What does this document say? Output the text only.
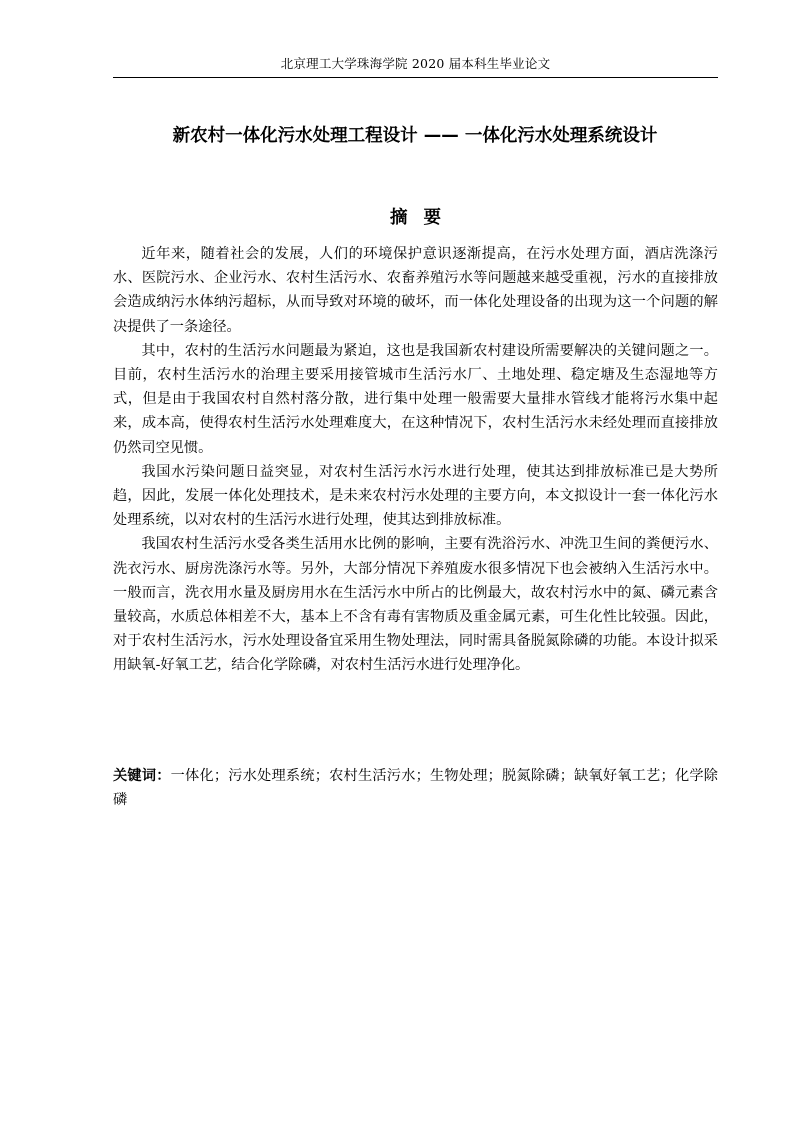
北京理工大学珠海学院 2020 届本科生毕业论文
新农村一体化污水处理工程设计 —— 一体化污水处理系统设计
摘要

近年来，随着社会的发展，人们的环境保护意识逐渐提高，在污水处理方面，酒店洗涤污水、医院污水、企业污水、农村生活污水、农畜养殖污水等问题越来越受重视，污水的直接排放会造成纳污水体纳污超标，从而导致对环境的破坏，而一体化处理设备的出现为这一个问题的解决提供了一条途径。

其中，农村的生活污水问题最为紧迫，这也是我国新农村建设所需要解决的关键问题之一。目前，农村生活污水的治理主要采用接管城市生活污水厂、土地处理、稳定塘及生态湿地等方式，但是由于我国农村自然村落分散，进行集中处理一般需要大量排水管线才能将污水集中起来，成本高，使得农村生活污水处理难度大，在这种情况下，农村生活污水未经处理而直接排放仍然司空见惯。

我国水污染问题日益突显，对农村生活污水污水进行处理，使其达到排放标准已是大势所趋，因此，发展一体化处理技术，是未来农村污水处理的主要方向，本文拟设计一套一体化污水处理系统，以对农村的生活污水进行处理，使其达到排放标准。

我国农村生活污水受各类生活用水比例的影响，主要有洗浴污水、冲洗卫生间的粪便污水、洗衣污水、厨房洗涤污水等。另外，大部分情况下养殖废水很多情况下也会被纳入生活污水中。一般而言，洗衣用水量及厨房用水在生活污水中所占的比例最大，故农村污水中的氮、磷元素含量较高，水质总体相差不大，基本上不含有毒有害物质及重金属元素，可生化性比较强。因此，对于农村生活污水，污水处理设备宜采用生物处理法，同时需具备脱氮除磷的功能。本设计拟采用缺氧-好氧工艺，结合化学除磷，对农村生活污水进行处理净化。

关键词：一体化；污水处理系统；农村生活污水；生物处理；脱氮除磷；缺氧好氧工艺；化学除磷
